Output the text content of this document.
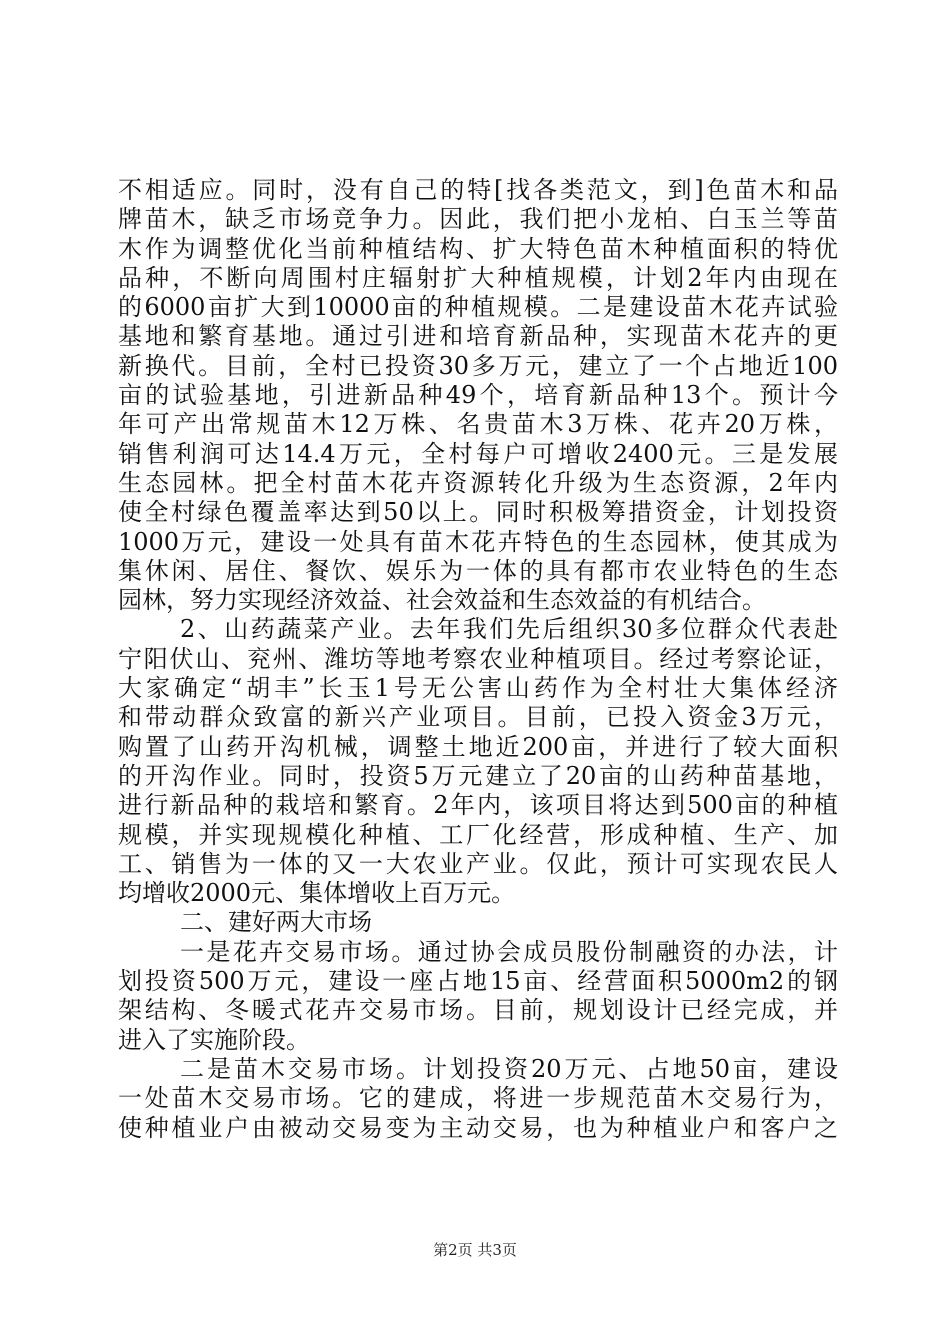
不相适应。同时，没有自己的特[找各类范文，到]色苗木和品
牌苗木，缺乏市场竞争力。因此，我们把小龙柏、白玉兰等苗
木作为调整优化当前种植结构、扩大特色苗木种植面积的特优
品种，不断向周围村庄辐射扩大种植规模，计划2年内由现在
的6000亩扩大到10000亩的种植规模。二是建设苗木花卉试验
基地和繁育基地。通过引进和培育新品种，实现苗木花卉的更
新换代。目前，全村已投资30多万元，建立了一个占地近100
亩的试验基地，引进新品种49个，培育新品种13个。预计今
年可产出常规苗木12万株、名贵苗木3万株、花卉20万株，
销售利润可达14.4万元，全村每户可增收2400元。三是发展
生态园林。把全村苗木花卉资源转化升级为生态资源，2年内
使全村绿色覆盖率达到50以上。同时积极筹措资金，计划投资
1000万元，建设一处具有苗木花卉特色的生态园林，使其成为
集休闲、居住、餐饮、娱乐为一体的具有都市农业特色的生态
园林，努力实现经济效益、社会效益和生态效益的有机结合。
2、山药蔬菜产业。去年我们先后组织30多位群众代表赴
宁阳伏山、兖州、潍坊等地考察农业种植项目。经过考察论证，
大家确定“胡丰”长玉1号无公害山药作为全村壮大集体经济
和带动群众致富的新兴产业项目。目前，已投入资金3万元，
购置了山药开沟机械，调整土地近200亩，并进行了较大面积
的开沟作业。同时，投资5万元建立了20亩的山药种苗基地，
进行新品种的栽培和繁育。2年内，该项目将达到500亩的种植
规模，并实现规模化种植、工厂化经营，形成种植、生产、加
工、销售为一体的又一大农业产业。仅此，预计可实现农民人
均增收2000元、集体增收上百万元。
二、建好两大市场
一是花卉交易市场。通过协会成员股份制融资的办法，计
划投资500万元，建设一座占地15亩、经营面积5000m2的钢
架结构、冬暖式花卉交易市场。目前，规划设计已经完成，并
进入了实施阶段。
二是苗木交易市场。计划投资20万元、占地50亩，建设
一处苗木交易市场。它的建成，将进一步规范苗木交易行为，
使种植业户由被动交易变为主动交易，也为种植业户和客户之
第2页 共3页
